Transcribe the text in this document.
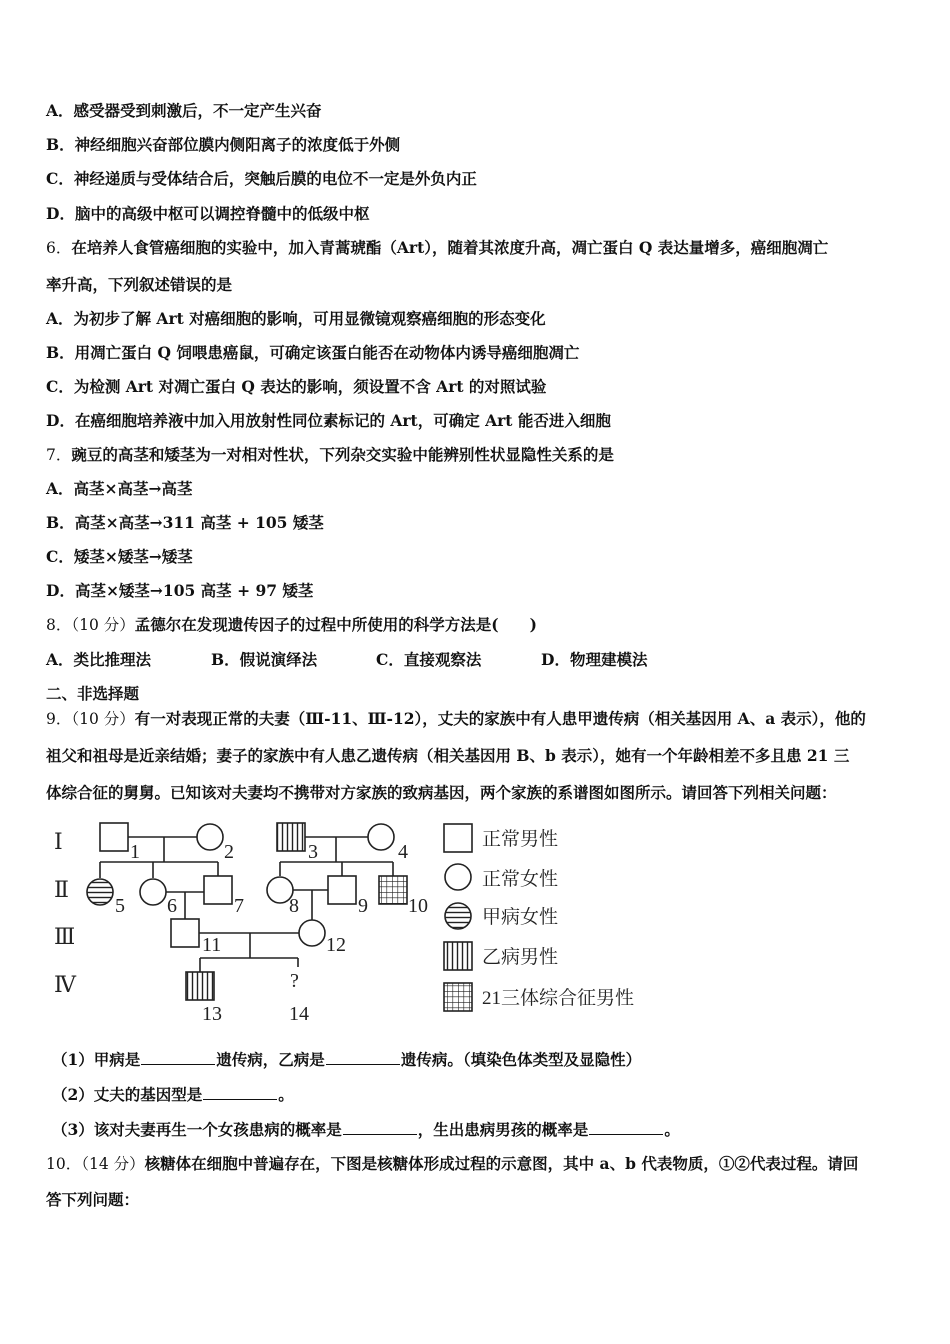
A．感受器受到刺激后，不一定产生兴奋
B．神经细胞兴奋部位膜内侧阳离子的浓度低于外侧
C．神经递质与受体结合后，突触后膜的电位不一定是外负内正
D．脑中的高级中枢可以调控脊髓中的低级中枢
6．在培养人食管癌细胞的实验中，加入青蒿琥酯（Art），随着其浓度升高，凋亡蛋白 Q 表达量增多，癌细胞凋亡
率升高，下列叙述错误的是
A．为初步了解 Art 对癌细胞的影响，可用显微镜观察癌细胞的形态变化
B．用凋亡蛋白 Q 饲喂患癌鼠，可确定该蛋白能否在动物体内诱导癌细胞凋亡
C．为检测 Art 对凋亡蛋白 Q 表达的影响，须设置不含 Art 的对照试验
D．在癌细胞培养液中加入用放射性同位素标记的 Art，可确定 Art 能否进入细胞
7．豌豆的高茎和矮茎为一对相对性状，下列杂交实验中能辨别性状显隐性关系的是
A．高茎×高茎→高茎
B．高茎×高茎→311 高茎 + 105 矮茎
C．矮茎×矮茎→矮茎
D．高茎×矮茎→105 高茎 + 97 矮茎
8．（10 分）孟德尔在发现遗传因子的过程中所使用的科学方法是(　　)
A．类比推理法	B．假说演绎法	C．直接观察法	D．物理建模法
二、非选择题
9．（10 分）有一对表现正常的夫妻（Ⅲ-11、Ⅲ-12），丈夫的家族中有人患甲遗传病（相关基因用 A、a 表示），他的
祖父和祖母是近亲结婚；妻子的家族中有人患乙遗传病（相关基因用 B、b 表示），她有一个年龄相差不多且患 21 三
体综合征的舅舅。已知该对夫妻均不携带对方家族的致病基因，两个家族的系谱图如图所示。请回答下列相关问题：
Ⅰ
Ⅱ
Ⅲ
Ⅳ
1	2	3	4
5 6	7 8	9 10
11	12
13
?
14
正常男性
正常女性
甲病女性
乙病男性
21三体综合征男性
（1）甲病是	遗传病，乙病是	遗传病。（填染色体类型及显隐性）
（2）丈夫的基因型是	。
（3）该对夫妻再生一个女孩患病的概率是	，生出患病男孩的概率是	。
10．（14 分）核糖体在细胞中普遍存在，下图是核糖体形成过程的示意图，其中 a、b 代表物质，①②代表过程。请回
答下列问题：
